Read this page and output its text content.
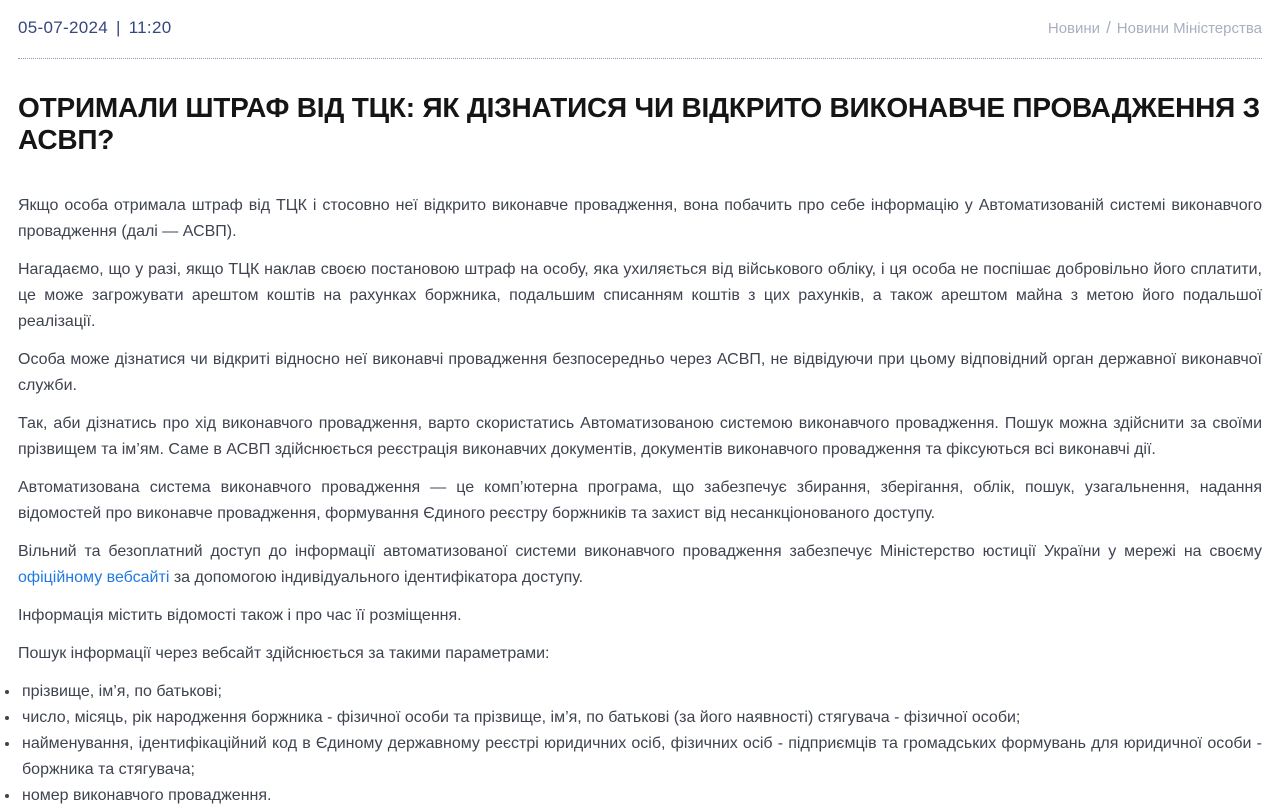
05-07-2024 | 11:20	Новини / Новини Міністерства
ОТРИМАЛИ ШТРАФ ВІД ТЦК: ЯК ДІЗНАТИСЯ ЧИ ВІДКРИТО ВИКОНАВЧЕ ПРОВАДЖЕННЯ З АСВП?

Якщо особа отримала штраф від ТЦК і стосовно неї відкрито виконавче провадження, вона побачить про себе інформацію у Автоматизованій системі виконавчого провадження (далі — АСВП).

Нагадаємо, що у разі, якщо ТЦК наклав своєю постановою штраф на особу, яка ухиляється від військового обліку, і ця особа не поспішає добровільно його сплатити, це може загрожувати арештом коштів на рахунках боржника, подальшим списанням коштів з цих рахунків, а також арештом майна з метою його подальшої реалізації.

Особа може дізнатися чи відкриті відносно неї виконавчі провадження безпосередньо через АСВП, не відвідуючи при цьому відповідний орган державної виконавчої служби.

Так, аби дізнатись про хід виконавчого провадження, варто скористатись Автоматизованою системою виконавчого провадження. Пошук можна здійснити за своїми прізвищем та ім’ям. Саме в АСВП здійснюється реєстрація виконавчих документів, документів виконавчого провадження та фіксуються всі виконавчі дії.

Автоматизована система виконавчого провадження — це комп’ютерна програма, що забезпечує збирання, зберігання, облік, пошук, узагальнення, надання відомостей про виконавче провадження, формування Єдиного реєстру боржників та захист від несанкціонованого доступу.

Вільний та безоплатний доступ до інформації автоматизованої системи виконавчого провадження забезпечує Міністерство юстиції України у мережі на своєму офіційному вебсайті за допомогою індивідуального ідентифікатора доступу.

Інформація містить відомості також і про час її розміщення.

Пошук інформації через вебсайт здійснюється за такими параметрами:

• прізвище, ім’я, по батькові;
• число, місяць, рік народження боржника - фізичної особи та прізвище, ім’я, по батькові (за його наявності) стягувача - фізичної особи;
• найменування, ідентифікаційний код в Єдиному державному реєстрі юридичних осіб, фізичних осіб - підприємців та громадських формувань для юридичної особи - боржника та стягувача;
• номер виконавчого провадження.
